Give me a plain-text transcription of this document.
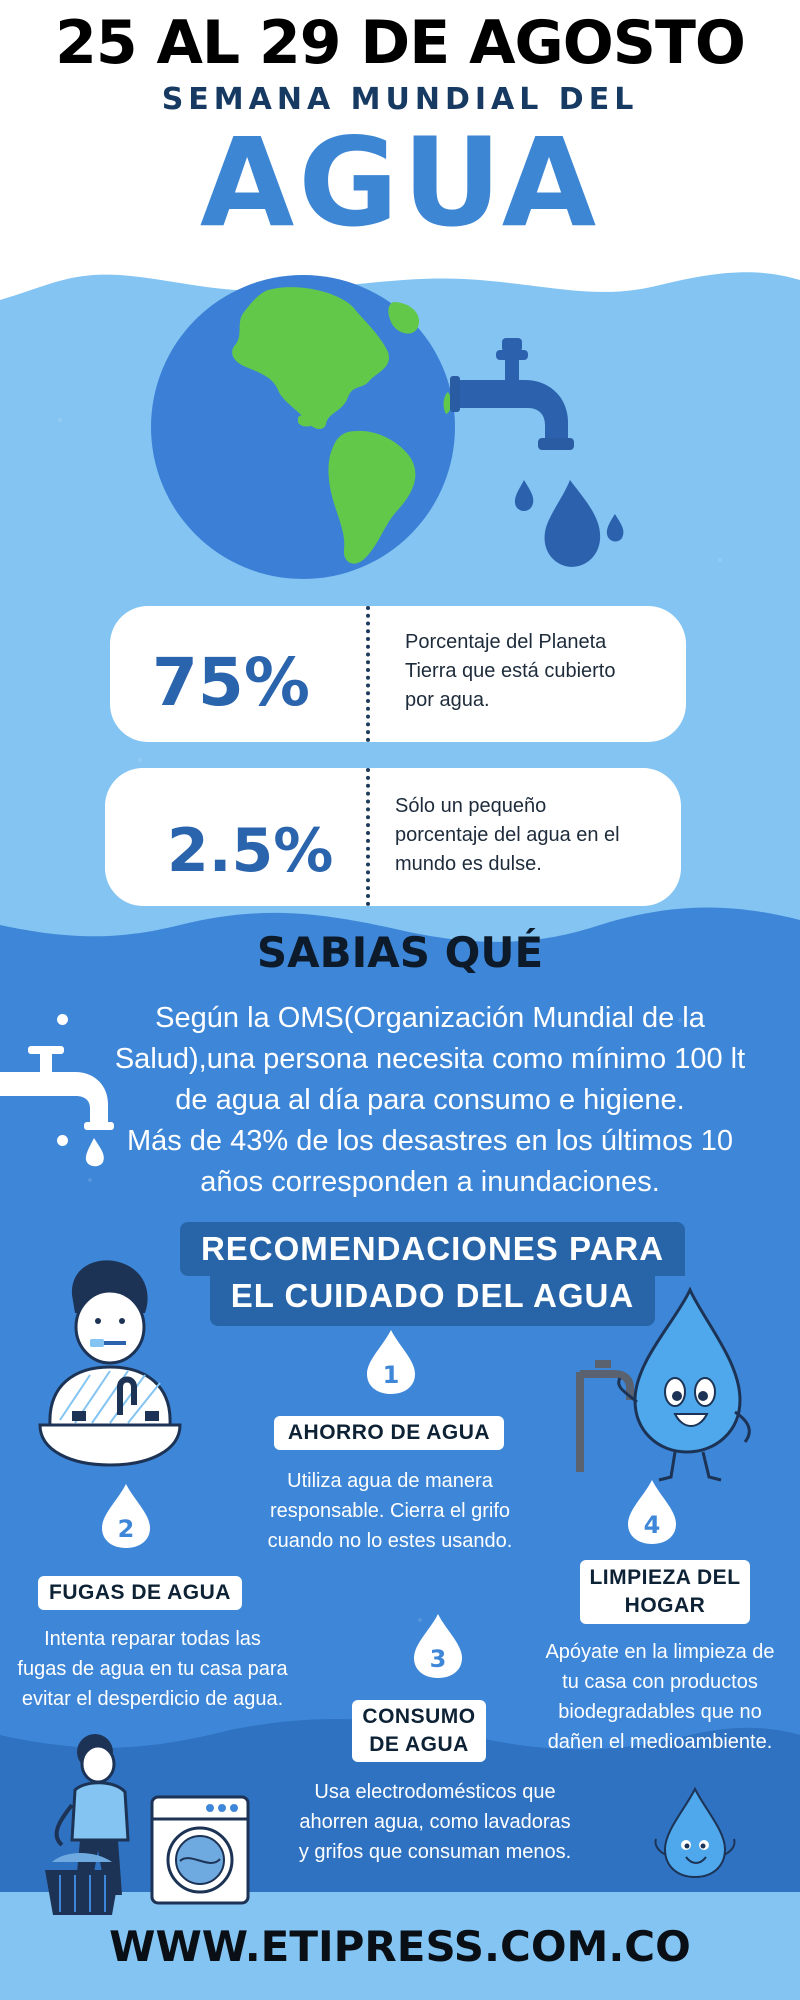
25 AL 29 DE AGOSTO
SEMANA MUNDIAL DEL
AGUA
75%
Porcentaje del Planeta
Tierra que está cubierto
por agua.
2.5%
Sólo un pequeño
porcentaje del agua en el
mundo es dulse.
SABIAS QUÉ
Según la OMS(Organización Mundial de la
Salud),una persona necesita como mínimo 100 lt
de agua al día para consumo e higiene.
Más de 43% de los desastres en los últimos 10
años corresponden a inundaciones.
RECOMENDACIONES PARA
EL CUIDADO DEL AGUA
1
2
3
4
AHORRO DE AGUA
FUGAS DE AGUA
CONSUMO
DE AGUA
LIMPIEZA DEL
HOGAR
Utiliza agua de manera
responsable. Cierra el grifo
cuando no lo estes usando.
Intenta reparar todas las
fugas de agua en tu casa para
evitar el desperdicio de agua.
Usa electrodomésticos que
ahorren agua, como lavadoras
y grifos que consuman menos.
Apóyate en la limpieza de
tu casa con productos
biodegradables que no
dañen el medioambiente.
WWW.ETIPRESS.COM.CO
